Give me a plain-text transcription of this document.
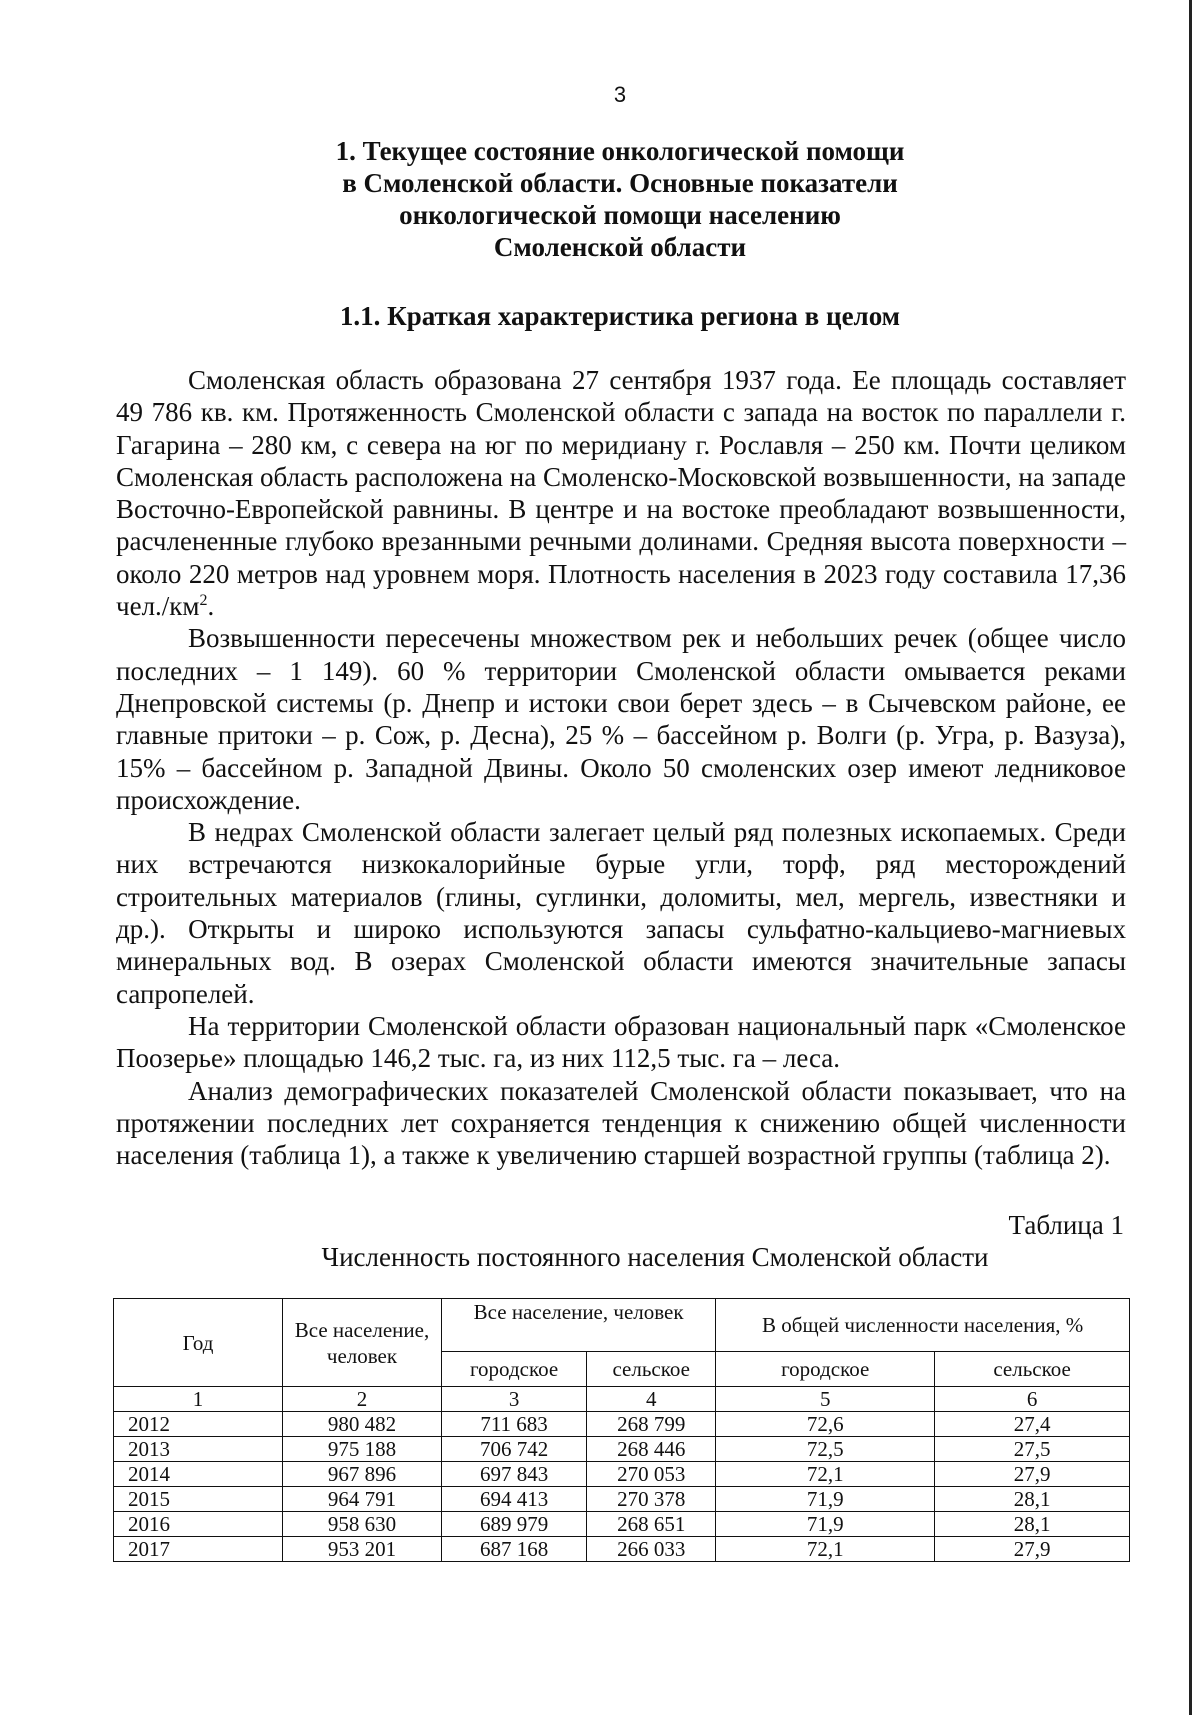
3
1. Текущее состояние онкологической помощи
в Смоленской области. Основные показатели
онкологической помощи населению
Смоленской области
1.1. Краткая характеристика региона в целом

Смоленская область образована 27 сентября 1937 года. Ее площадь составляет 49 786 кв. км. Протяженность Смоленской области с запада на восток по параллели г. Гагарина – 280 км, с севера на юг по меридиану г. Рославля – 250 км. Почти целиком Смоленская область расположена на Смоленско-Московской возвышенности, на западе Восточно-Европейской равнины. В центре и на востоке преобладают возвышенности, расчлененные глубоко врезанными речными долинами. Средняя высота поверхности – около 220 метров над уровнем моря. Плотность населения в 2023 году составила 17,36 $чел./км^2$.

Возвышенности пересечены множеством рек и небольших речек (общее число последних – 1 149). 60 % территории Смоленской области омывается реками Днепровской системы (р. Днепр и истоки свои берет здесь – в Сычевском районе, ее главные притоки – р. Сож, р. Десна), 25 % – бассейном р. Волги (р. Угра, р. Вазуза), 15% – бассейном р. Западной Двины. Около 50 смоленских озер имеют ледниковое происхождение.

В недрах Смоленской области залегает целый ряд полезных ископаемых. Среди них встречаются низкокалорийные бурые угли, торф, ряд месторождений строительных материалов (глины, суглинки, доломиты, мел, мергель, известняки и др.). Открыты и широко используются запасы сульфатно-кальциево-магниевых минеральных вод. В озерах Смоленской области имеются значительные запасы сапропелей.

На территории Смоленской области образован национальный парк «Смоленское Поозерье» площадью 146,2 тыс. га, из них 112,5 тыс. га – леса.

Анализ демографических показателей Смоленской области показывает, что на протяжении последних лет сохраняется тенденция к снижению общей численности населения (таблица 1), а также к увеличению старшей возрастной группы (таблица 2).

Таблица 1
Численность постоянного населения Смоленской области
Год	Все население, человек	Все население, человек		В общей численности населения, %	
		городское	сельское	городское	сельское
1	2	3	4	5	6
2012	980 482	711 683	268 799	72,6	27,4
2013	975 188	706 742	268 446	72,5	27,5
2014	967 896	697 843	270 053	72,1	27,9
2015	964 791	694 413	270 378	71,9	28,1
2016	958 630	689 979	268 651	71,9	28,1
2017	953 201	687 168	266 033	72,1	27,9
